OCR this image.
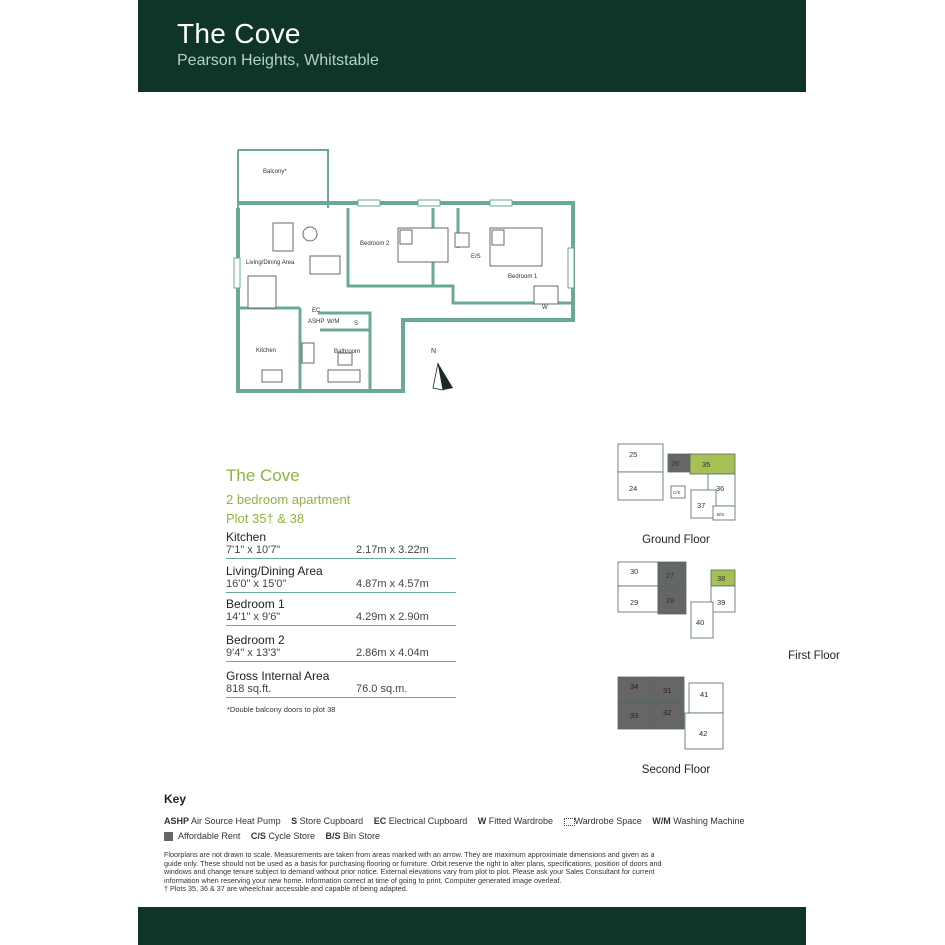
The Cove
Pearson Heights, Whitstable
Balcony*
Living/Dining Area
Bedroom 2
E/S
Bedroom 1
W
EC
ASHP W/M S
Kitchen	Bathroom	N
The Cove
2 bedroom apartment
Plot 35† & 38
Kitchen
7'1" x 10'7"	2.17m x 3.22m
Living/Dining Area
16'0" x 15'0"	4.87m x 4.57m
Bedroom 1
14'1" x 9'6"	4.29m x 2.90m
Bedroom 2
9'4" x 13'3"	2.86m x 4.04m
Gross Internal Area
818 sq.ft.	76.0 sq.m.
*Double balcony doors to plot 38
25
26	35
24	36
37
B/S
C/S
Ground Floor
30	27	38
29	28	39
40
First Floor
34	31	41
33	32
42
Second Floor
Key
ASHP Air Source Heat Pump S Store Cupboard EC Electrical Cupboard W Fitted Wardrobe Wardrobe Space W/M Washing Machine
Affordable Rent C/S Cycle Store B/S Bin Store
Floorplans are not drawn to scale. Measurements are taken from areas marked with an arrow. They are maximum approximate dimensions and given as a
guide only. These should not be used as a basis for purchasing flooring or furniture. Orbit reserve the right to alter plans, specifications, position of doors and
windows and change tenure subject to demand without prior notice. External elevations vary from plot to plot. Please ask your Sales Consultant for current
information when reserving your new home. Information correct at time of going to print. Computer generated image overleaf.
† Plots 35, 36 & 37 are wheelchair accessible and capable of being adapted.
